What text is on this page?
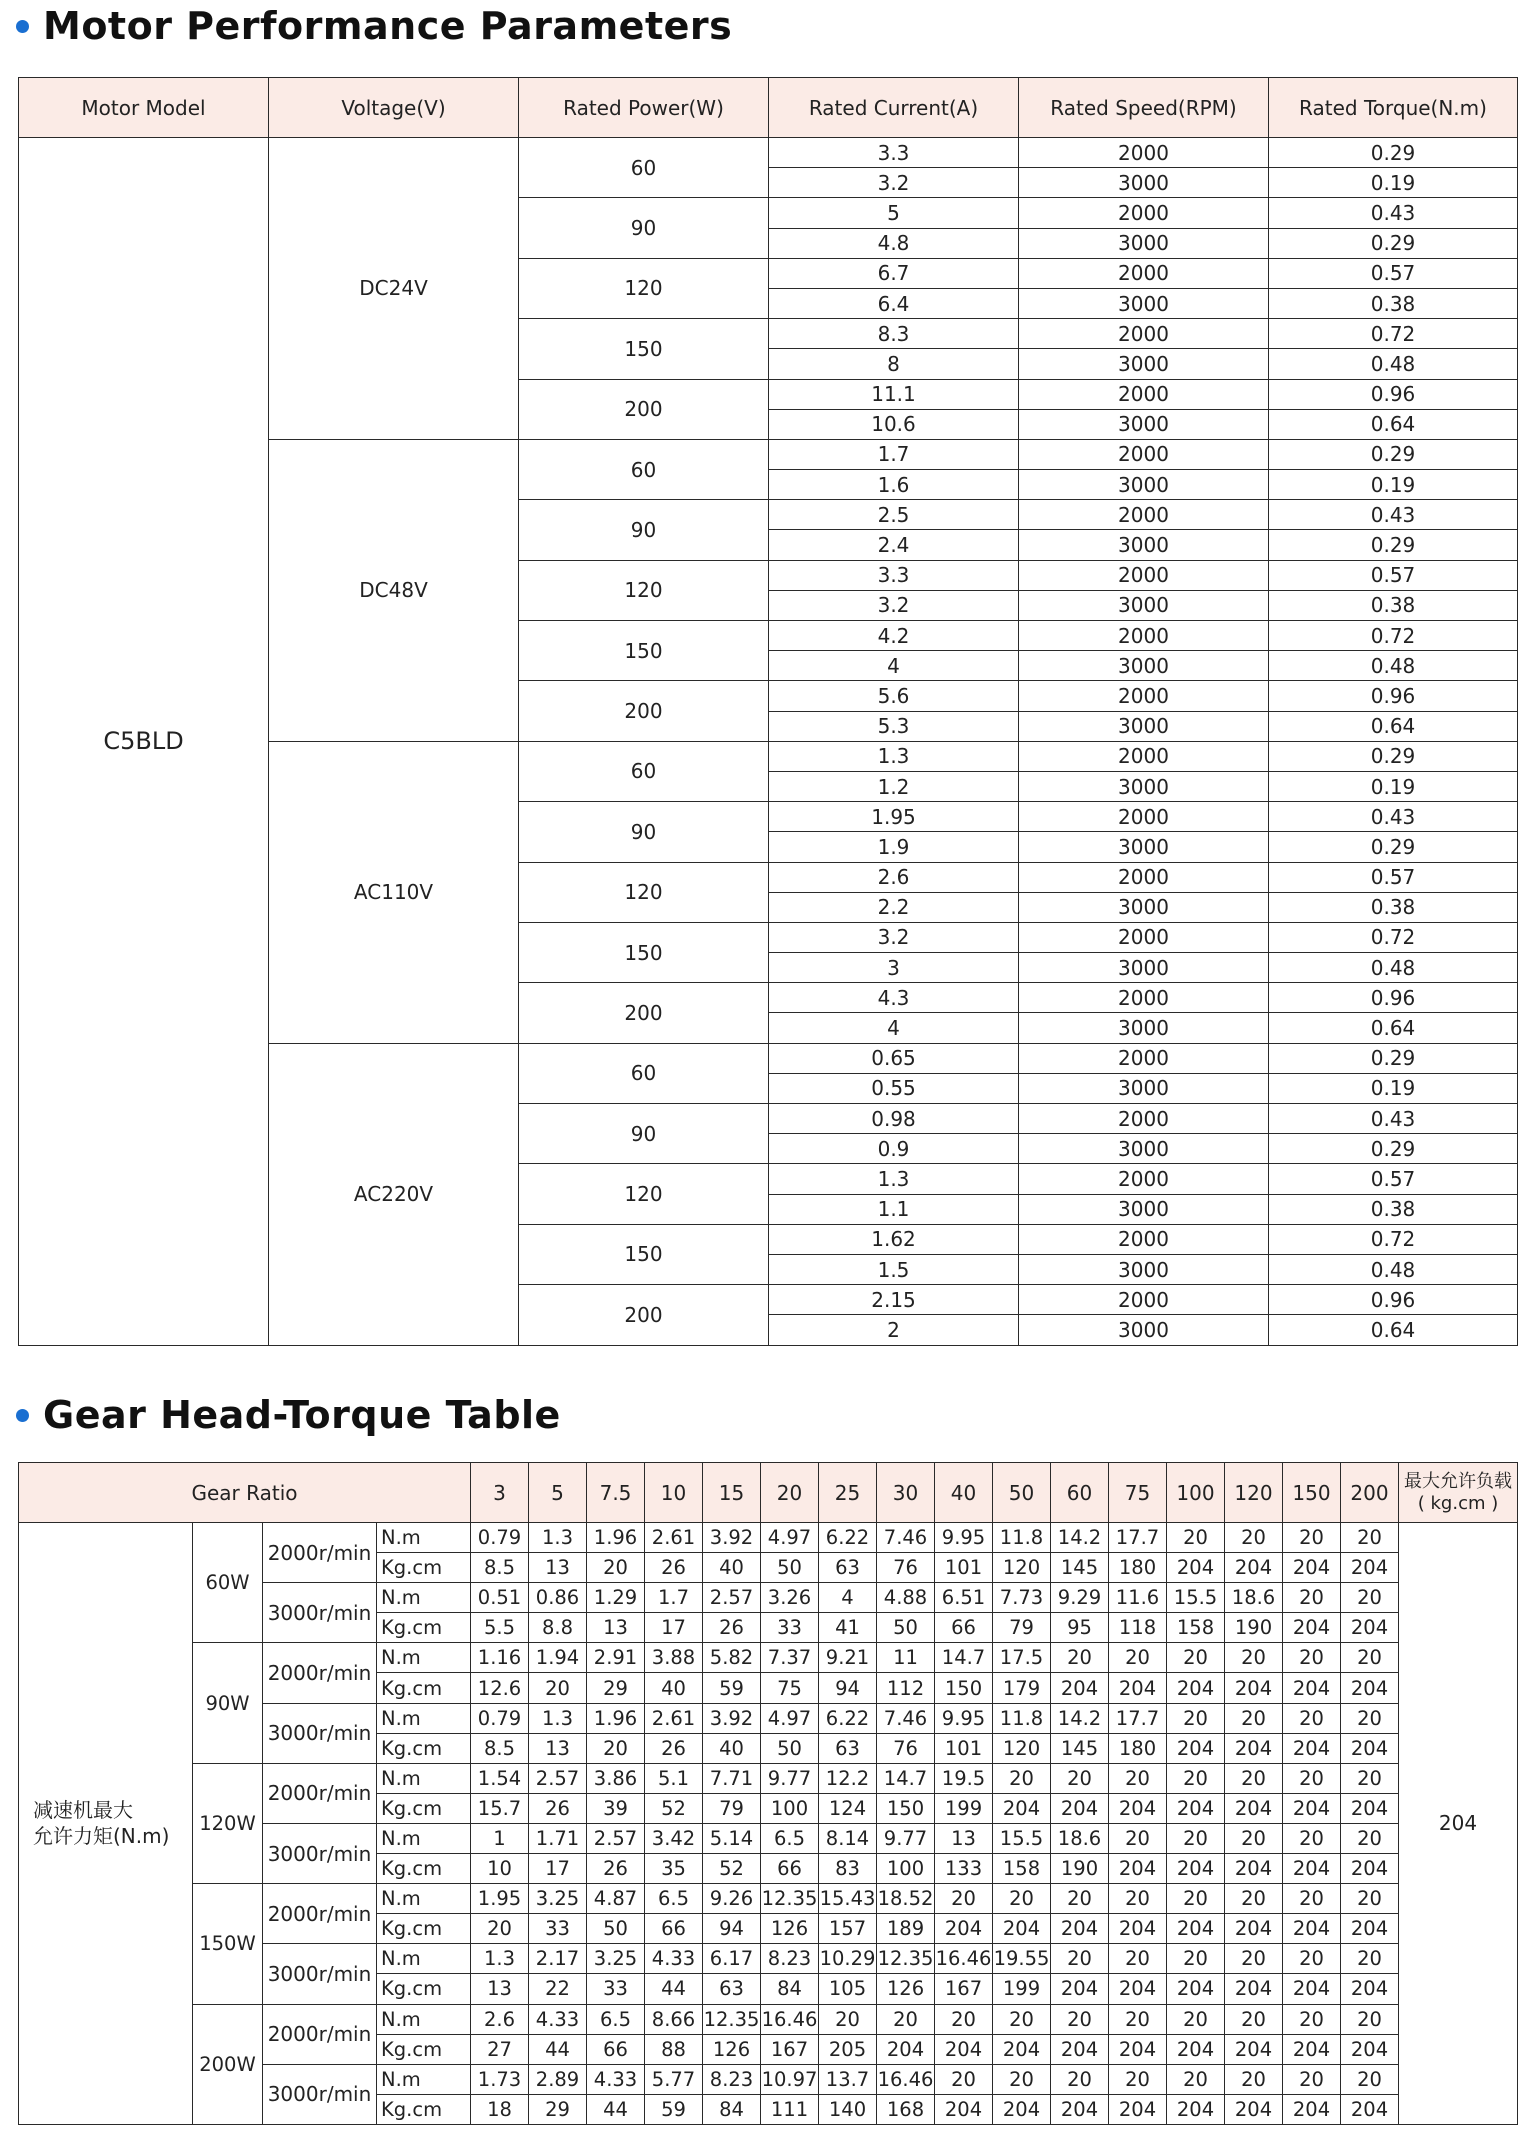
Motor Performance Parameters
Motor Model	Voltage(V)	Rated Power(W)	Rated Current(A)	Rated Speed(RPM)	Rated Torque(N.m)
C5BLD	DC24V	60	3.3	2000	0.29
			3.2	3000	0.19
		90	5	2000	0.43
			4.8	3000	0.29
		120	6.7	2000	0.57
			6.4	3000	0.38
		150	8.3	2000	0.72
			8	3000	0.48
		200	11.1	2000	0.96
			10.6	3000	0.64
	DC48V	60	1.7	2000	0.29
			1.6	3000	0.19
		90	2.5	2000	0.43
			2.4	3000	0.29
		120	3.3	2000	0.57
			3.2	3000	0.38
		150	4.2	2000	0.72
			4	3000	0.48
		200	5.6	2000	0.96
			5.3	3000	0.64
	AC110V	60	1.3	2000	0.29
			1.2	3000	0.19
		90	1.95	2000	0.43
			1.9	3000	0.29
		120	2.6	2000	0.57
			2.2	3000	0.38
		150	3.2	2000	0.72
			3	3000	0.48
		200	4.3	2000	0.96
			4	3000	0.64
	AC220V	60	0.65	2000	0.29
			0.55	3000	0.19
		90	0.98	2000	0.43
			0.9	3000	0.29
		120	1.3	2000	0.57
			1.1	3000	0.38
		150	1.62	2000	0.72
			1.5	3000	0.48
		200	2.15	2000	0.96
			2	3000	0.64
Gear Head-Torque Table
Gear Ratio				3	5	7.5	10	15	20	25	30	40	50	60	75	100	120	150	200	最大允许负载
( kg.cm )
减速机最大
允许力矩(N.m)	60W	2000r/min	N.m	0.79	1.3	1.96	2.61	3.92	4.97	6.22	7.46	9.95	11.8	14.2	17.7	20	20	20	20	204
			Kg.cm	8.5	13	20	26	40	50	63	76	101	120	145	180	204	204	204	204	
		3000r/min	N.m	0.51	0.86	1.29	1.7	2.57	3.26	4	4.88	6.51	7.73	9.29	11.6	15.5	18.6	20	20	
			Kg.cm	5.5	8.8	13	17	26	33	41	50	66	79	95	118	158	190	204	204	
	90W	2000r/min	N.m	1.16	1.94	2.91	3.88	5.82	7.37	9.21	11	14.7	17.5	20	20	20	20	20	20	
			Kg.cm	12.6	20	29	40	59	75	94	112	150	179	204	204	204	204	204	204	
		3000r/min	N.m	0.79	1.3	1.96	2.61	3.92	4.97	6.22	7.46	9.95	11.8	14.2	17.7	20	20	20	20	
			Kg.cm	8.5	13	20	26	40	50	63	76	101	120	145	180	204	204	204	204	
	120W	2000r/min	N.m	1.54	2.57	3.86	5.1	7.71	9.77	12.2	14.7	19.5	20	20	20	20	20	20	20	
			Kg.cm	15.7	26	39	52	79	100	124	150	199	204	204	204	204	204	204	204	
		3000r/min	N.m	1	1.71	2.57	3.42	5.14	6.5	8.14	9.77	13	15.5	18.6	20	20	20	20	20	
			Kg.cm	10	17	26	35	52	66	83	100	133	158	190	204	204	204	204	204	
	150W	2000r/min	N.m	1.95	3.25	4.87	6.5	9.26	12.35	15.43	18.52	20	20	20	20	20	20	20	20	
			Kg.cm	20	33	50	66	94	126	157	189	204	204	204	204	204	204	204	204	
		3000r/min	N.m	1.3	2.17	3.25	4.33	6.17	8.23	10.29	12.35	16.46	19.55	20	20	20	20	20	20	
			Kg.cm	13	22	33	44	63	84	105	126	167	199	204	204	204	204	204	204	
	200W	2000r/min	N.m	2.6	4.33	6.5	8.66	12.35	16.46	20	20	20	20	20	20	20	20	20	20	
			Kg.cm	27	44	66	88	126	167	205	204	204	204	204	204	204	204	204	204	
		3000r/min	N.m	1.73	2.89	4.33	5.77	8.23	10.97	13.7	16.46	20	20	20	20	20	20	20	20	
			Kg.cm	18	29	44	59	84	111	140	168	204	204	204	204	204	204	204	204	
